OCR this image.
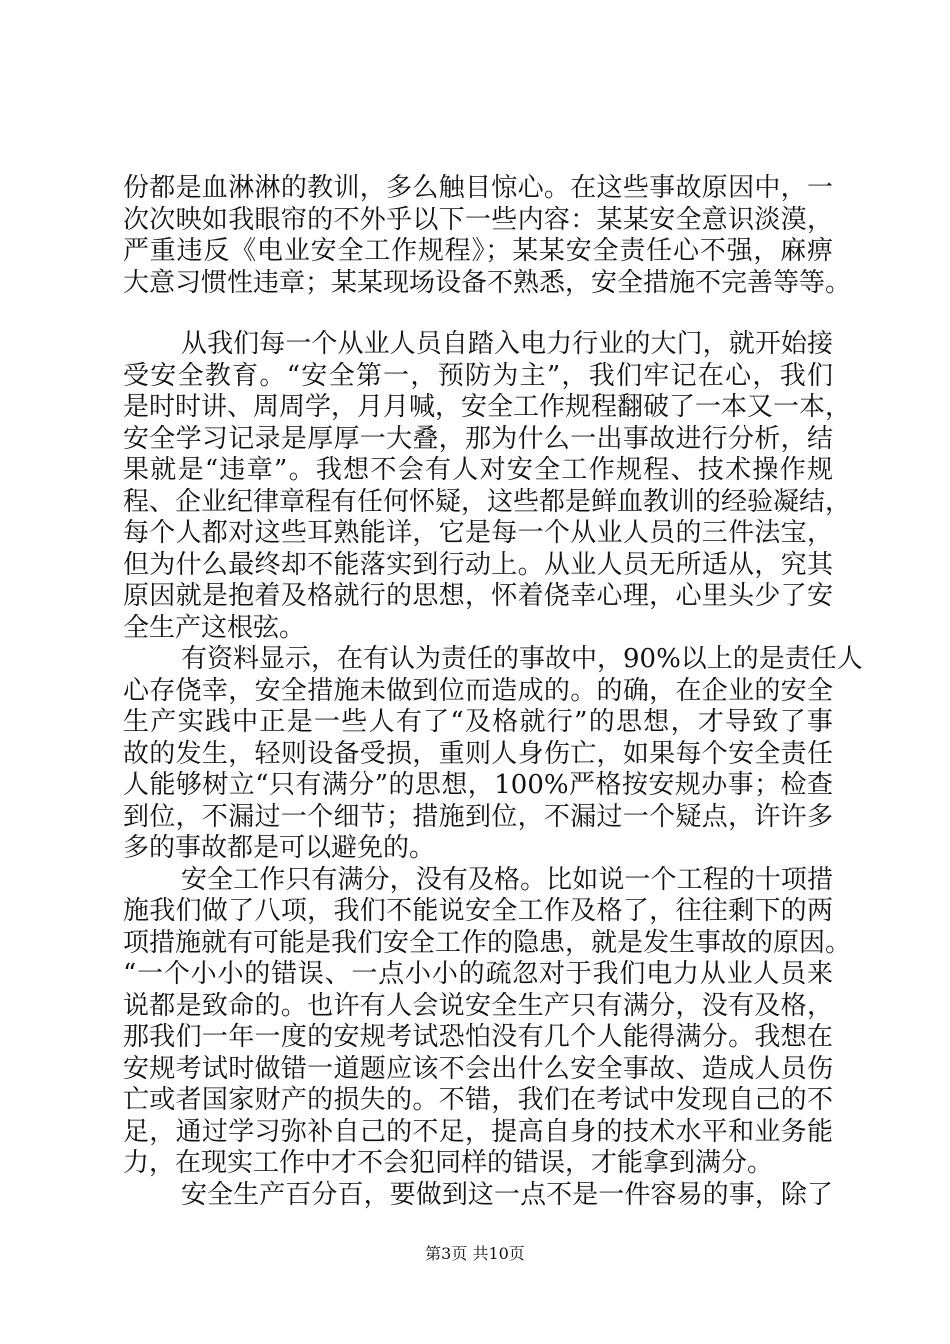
份都是血淋淋的教训，多么触目惊心。在这些事故原因中，一
次次映如我眼帘的不外乎以下一些内容：某某安全意识淡漠，
严重违反《电业安全工作规程》；某某安全责任心不强，麻痹
大意习惯性违章；某某现场设备不熟悉，安全措施不完善等等。
从我们每一个从业人员自踏入电力行业的大门，就开始接
受安全教育。“安全第一，预防为主”，我们牢记在心，我们
是时时讲、周周学，月月喊，安全工作规程翻破了一本又一本，
安全学习记录是厚厚一大叠，那为什么一出事故进行分析，结
果就是“违章”。我想不会有人对安全工作规程、技术操作规
程、企业纪律章程有任何怀疑，这些都是鲜血教训的经验凝结，
每个人都对这些耳熟能详，它是每一个从业人员的三件法宝，
但为什么最终却不能落实到行动上。从业人员无所适从，究其
原因就是抱着及格就行的思想，怀着侥幸心理，心里头少了安
全生产这根弦。
有资料显示，在有认为责任的事故中，90%以上的是责任人
心存侥幸，安全措施未做到位而造成的。的确，在企业的安全
生产实践中正是一些人有了“及格就行”的思想，才导致了事
故的发生，轻则设备受损，重则人身伤亡，如果每个安全责任
人能够树立“只有满分”的思想，100%严格按安规办事；检查
到位，不漏过一个细节；措施到位，不漏过一个疑点，许许多
多的事故都是可以避免的。
安全工作只有满分，没有及格。比如说一个工程的十项措
施我们做了八项，我们不能说安全工作及格了，往往剩下的两
项措施就有可能是我们安全工作的隐患，就是发生事故的原因。
“一个小小的错误、一点小小的疏忽对于我们电力从业人员来
说都是致命的。也许有人会说安全生产只有满分，没有及格，
那我们一年一度的安规考试恐怕没有几个人能得满分。我想在
安规考试时做错一道题应该不会出什么安全事故、造成人员伤
亡或者国家财产的损失的。不错，我们在考试中发现自己的不
足，通过学习弥补自己的不足，提高自身的技术水平和业务能
力，在现实工作中才不会犯同样的错误，才能拿到满分。
安全生产百分百，要做到这一点不是一件容易的事，除了
第3页 共10页
